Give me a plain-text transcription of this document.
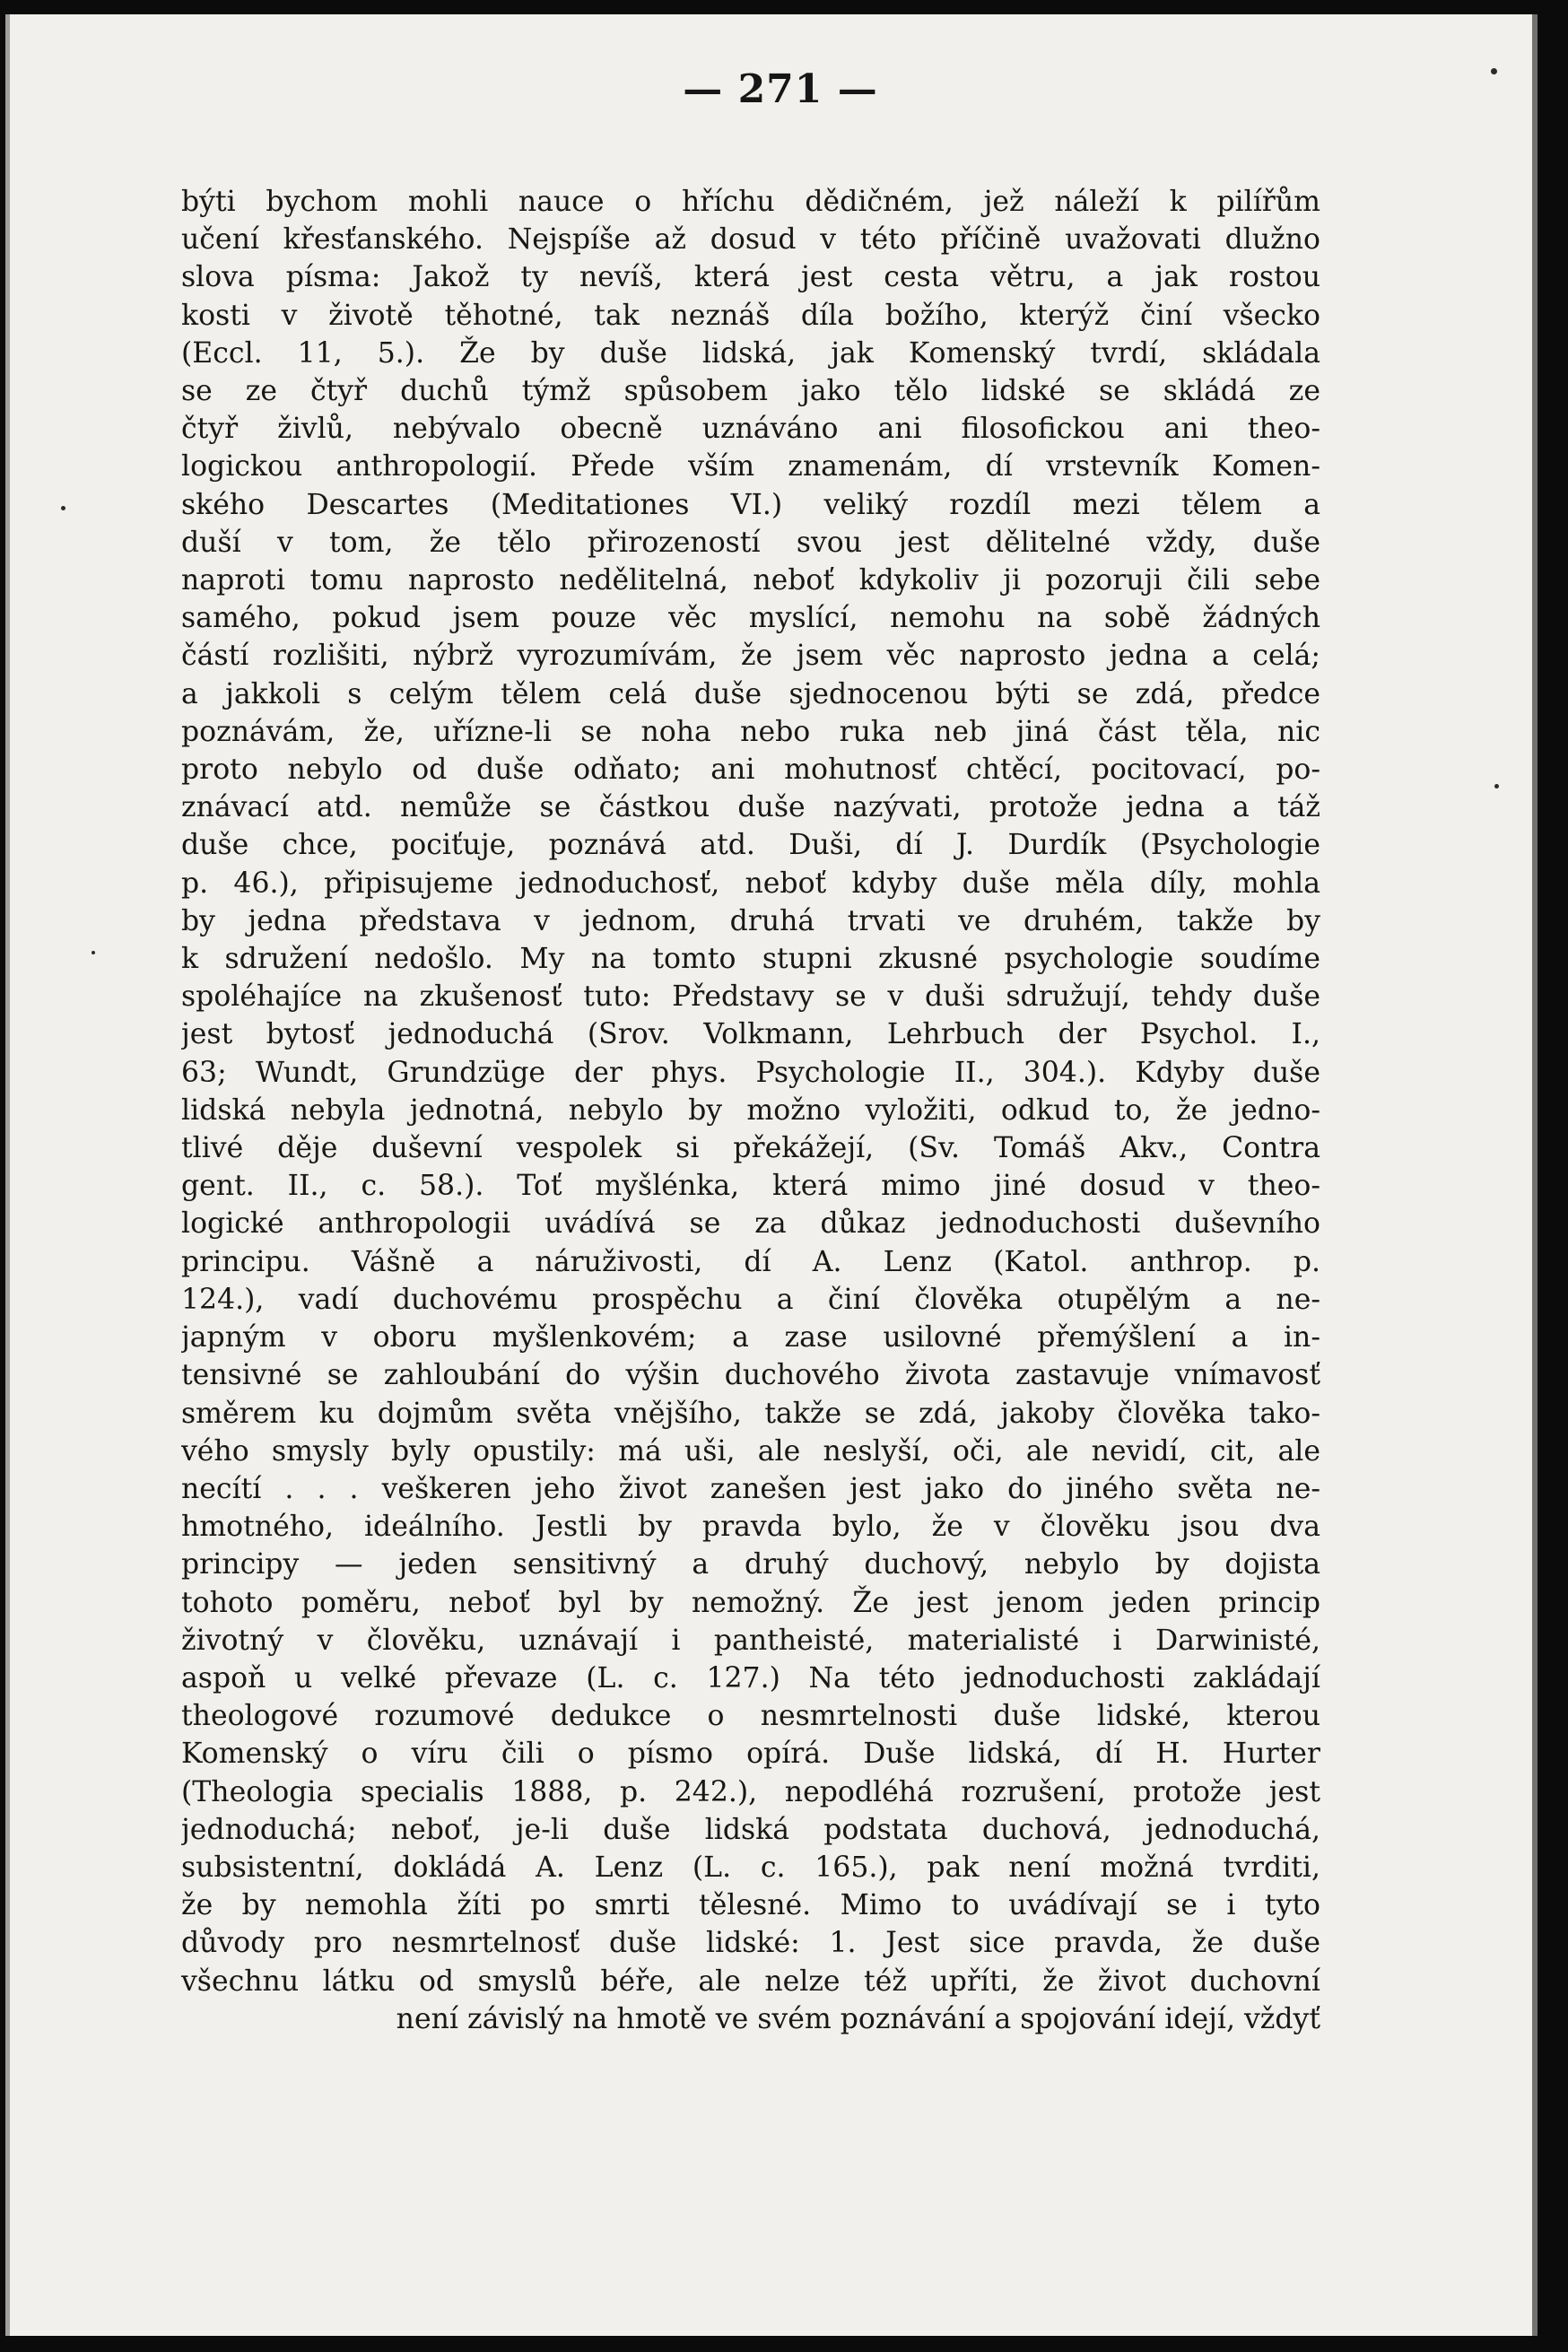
— 271 —
býti bychom mohli nauce o hříchu dědičném, jež náleží k pilířům
učení křesťanského. Nejspíše až dosud v této příčině uvažovati dlužno
slova písma: Jakož ty nevíš, která jest cesta větru, a jak rostou
kosti v životě těhotné, tak neznáš díla božího, kterýž činí všecko
(Eccl. 11, 5.). Že by duše lidská, jak Komenský tvrdí, skládala
se ze čtyř duchů týmž spůsobem jako tělo lidské se skládá ze
čtyř živlů, nebývalo obecně uznáváno ani filosofickou ani theo-
logickou anthropologií. Přede vším znamenám, dí vrstevník Komen-
ského Descartes (Meditationes VI.) veliký rozdíl mezi tělem a
duší v tom, že tělo přirozeností svou jest dělitelné vždy, duše
naproti tomu naprosto nedělitelná, neboť kdykoliv ji pozoruji čili sebe
samého, pokud jsem pouze věc myslící, nemohu na sobě žádných
částí rozlišiti, nýbrž vyrozumívám, že jsem věc naprosto jedna a celá;
a jakkoli s celým tělem celá duše sjednocenou býti se zdá, předce
poznávám, že, uřízne-li se noha nebo ruka neb jiná část těla, nic
proto nebylo od duše odňato; ani mohutnosť chtěcí, pocitovací, po-
znávací atd. nemůže se částkou duše nazývati, protože jedna a táž
duše chce, pociťuje, poznává atd. Duši, dí J. Durdík (Psychologie
p. 46.), připisujeme jednoduchosť, neboť kdyby duše měla díly, mohla
by jedna představa v jednom, druhá trvati ve druhém, takže by
k sdružení nedošlo. My na tomto stupni zkusné psychologie soudíme
spoléhajíce na zkušenosť tuto: Představy se v duši sdružují, tehdy duše
jest bytosť jednoduchá (Srov. Volkmann, Lehrbuch der Psychol. I.,
63; Wundt, Grundzüge der phys. Psychologie II., 304.). Kdyby duše
lidská nebyla jednotná, nebylo by možno vyložiti, odkud to, že jedno-
tlivé děje duševní vespolek si překážejí, (Sv. Tomáš Akv., Contra
gent. II., c. 58.). Toť myšlénka, která mimo jiné dosud v theo-
logické anthropologii uvádívá se za důkaz jednoduchosti duševního
principu. Vášně a náruživosti, dí A. Lenz (Katol. anthrop. p.
124.), vadí duchovému prospěchu a činí člověka otupělým a ne-
japným v oboru myšlenkovém; a zase usilovné přemýšlení a in-
tensivné se zahloubání do výšin duchového života zastavuje vnímavosť
směrem ku dojmům světa vnějšího, takže se zdá, jakoby člověka tako-
vého smysly byly opustily: má uši, ale neslyší, oči, ale nevidí, cit, ale
necítí . . . veškeren jeho život zanešen jest jako do jiného světa ne-
hmotného, ideálního. Jestli by pravda bylo, že v člověku jsou dva
principy — jeden sensitivný a druhý duchový, nebylo by dojista
tohoto poměru, neboť byl by nemožný. Že jest jenom jeden princip
životný v člověku, uznávají i pantheisté, materialisté i Darwinisté,
aspoň u velké převaze (L. c. 127.) Na této jednoduchosti zakládají
theologové rozumové dedukce o nesmrtelnosti duše lidské, kterou
Komenský o víru čili o písmo opírá. Duše lidská, dí H. Hurter
(Theologia specialis 1888, p. 242.), nepodléhá rozrušení, protože jest
jednoduchá; neboť, je-li duše lidská podstata duchová, jednoduchá,
subsistentní, dokládá A. Lenz (L. c. 165.), pak není možná tvrditi,
že by nemohla žíti po smrti tělesné. Mimo to uvádívají se i tyto
důvody pro nesmrtelnosť duše lidské: 1. Jest sice pravda, že duše
všechnu látku od smyslů béře, ale nelze též upříti, že život duchovní
není závislý na hmotě ve svém poznávání a spojování idejí, vždyť
